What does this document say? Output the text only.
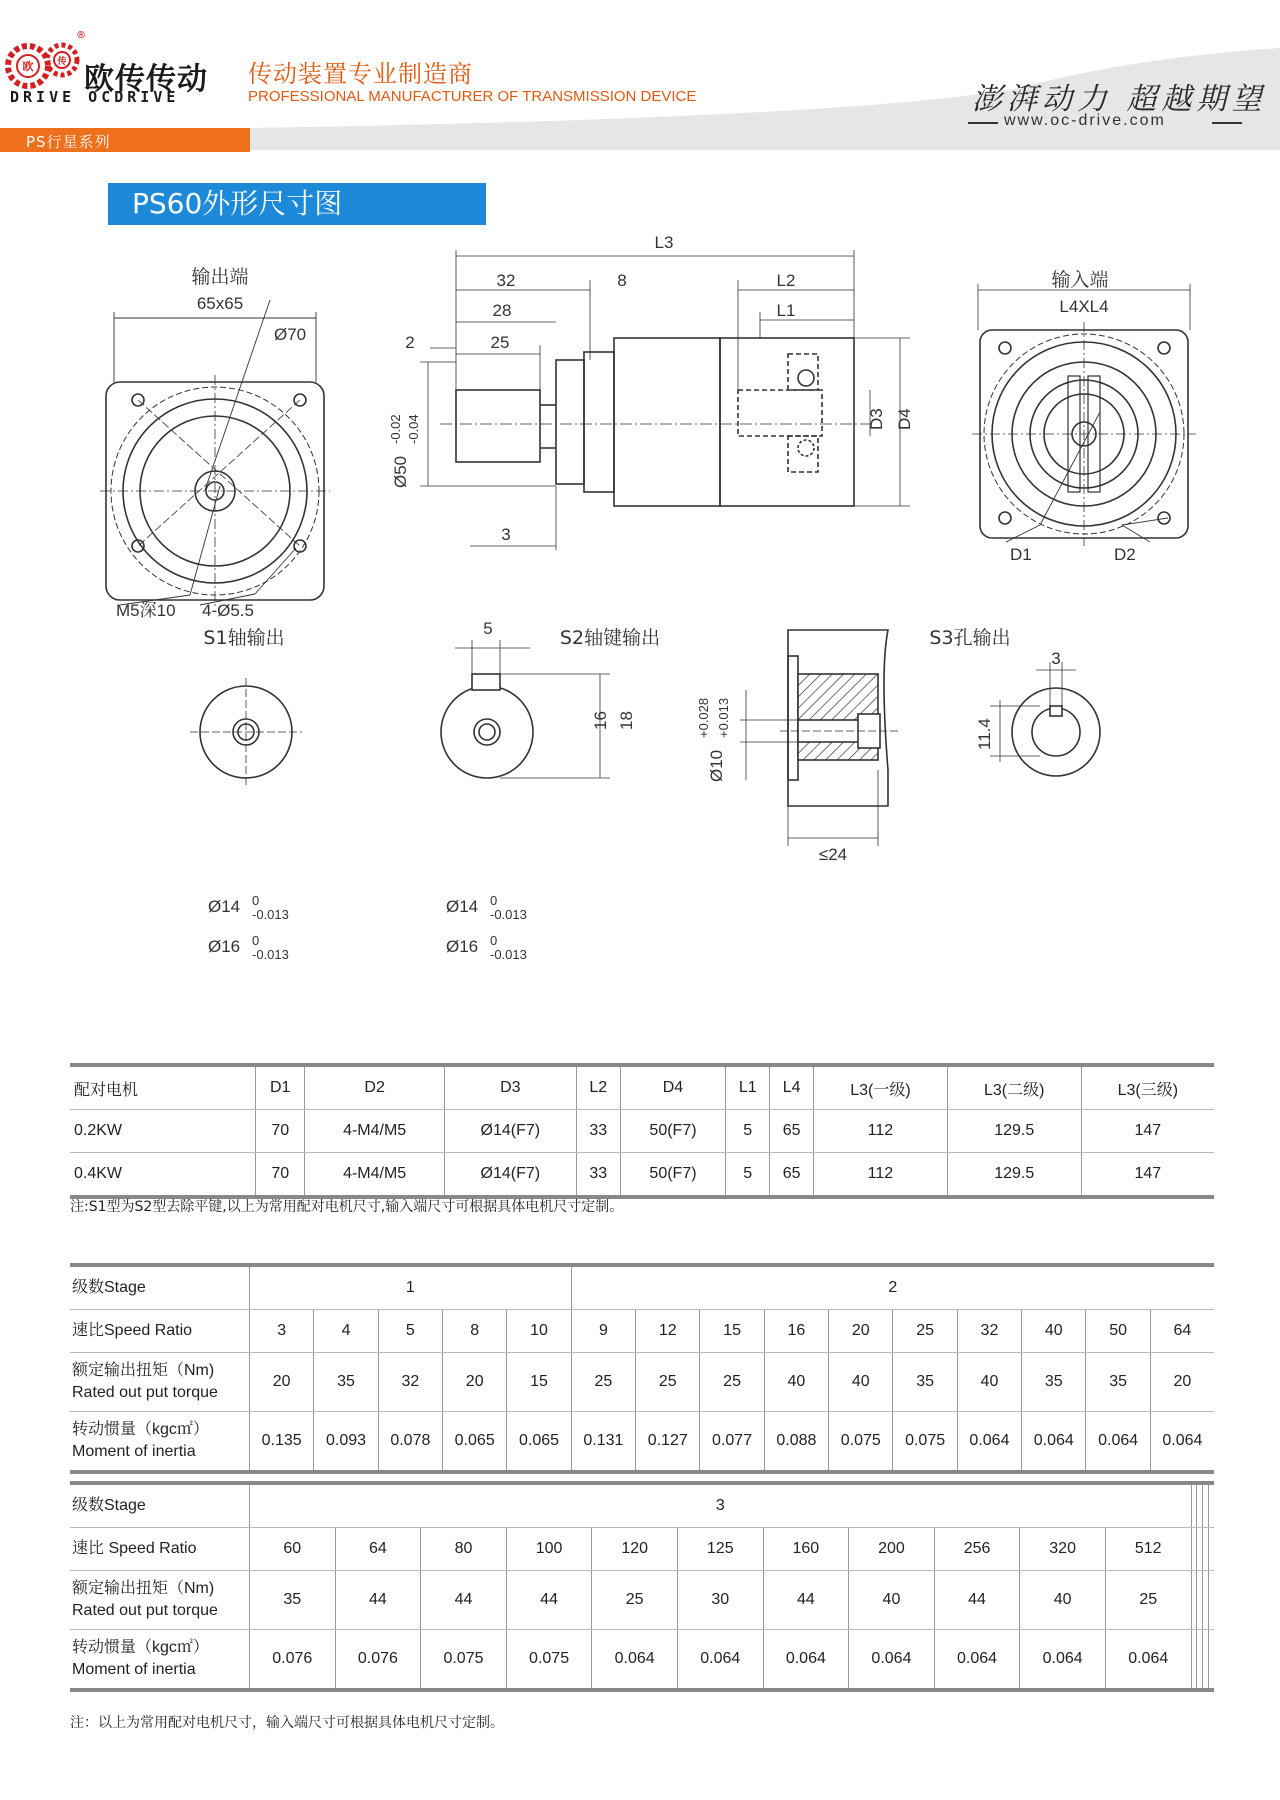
欧	传
®
欧传传动
DRIVE OCDRIVE
传动装置专业制造商
PROFESSIONAL MANUFACTURER OF TRANSMISSION DEVICE	澎湃动力 超越期望
www.oc-drive.com
PS行星系列
PS60外形尺寸图
输出端
65x65
Ø70
M5深10 4-Ø5.5
L3
32	8
28
25
2
3
L2
L1
Ø50
-0.02 -0.04	D3 D4
输入端
L4XL4
D1	D2
S1轴输出
Ø14 0
-0.013
Ø16 0
-0.013
S2轴键输出
5
16 18
Ø14 0
-0.013
Ø16 0
-0.013
S3孔输出
Ø10
+0.028 +0.013
≤24
3
11.4
配对电机	D1	D2	D3	L2	D4	L1	L4	L3(一级)	L3(二级)	L3(三级)
0.2KW	70	4-M4/M5	Ø14(F7)	33	50(F7)	5	65	112	129.5	147
0.4KW	70	4-M4/M5	Ø14(F7)	33	50(F7)	5	65	112	129.5	147
注:S1型为S2型去除平键,以上为常用配对电机尺寸,输入端尺寸可根据具体电机尺寸定制。
级数Stage	1					2									
速比Speed Ratio	3	4	5	8	10	9	12	15	16	20	25	32	40	50	64
额定输出扭矩（Nm)
Rated out put torque	20	35	32	20	15	25	25	25	40	40	35	40	35	35	20
转动惯量（kgc㎡）
Moment of inertia	0.135	0.093	0.078	0.065	0.065	0.131	0.127	0.077	0.088	0.075	0.075	0.064	0.064	0.064	0.064
级数Stage	3														
速比 Speed Ratio	60	64	80	100	120	125	160	200	256	320	512				
额定输出扭矩（Nm)
Rated out put torque	35	44	44	44	25	30	44	40	44	40	25				
转动惯量（kgc㎡）
Moment of inertia	0.076	0.076	0.075	0.075	0.064	0.064	0.064	0.064	0.064	0.064	0.064				
注：以上为常用配对电机尺寸，输入端尺寸可根据具体电机尺寸定制。
